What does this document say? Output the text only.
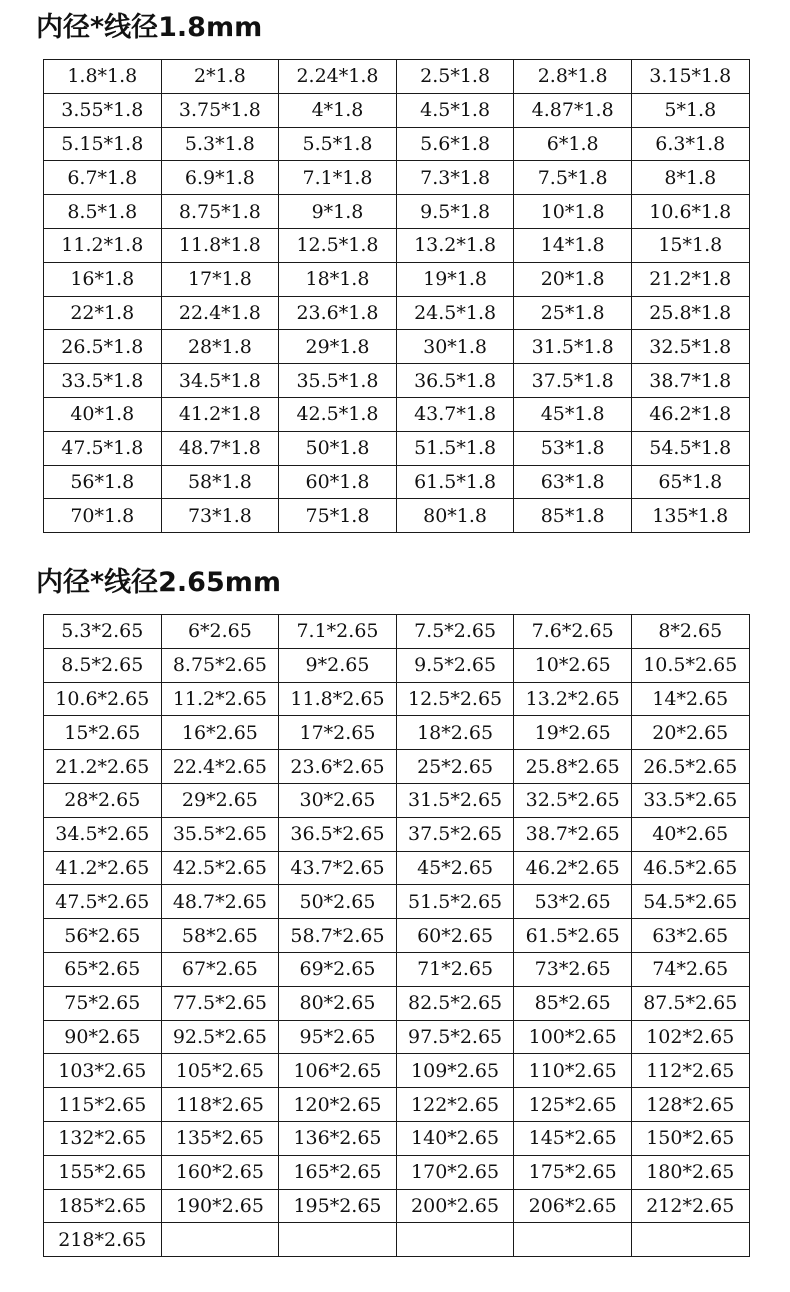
内径*线径1.8mm
1.8*1.8	2*1.8	2.24*1.8	2.5*1.8	2.8*1.8	3.15*1.8
3.55*1.8	3.75*1.8	4*1.8	4.5*1.8	4.87*1.8	5*1.8
5.15*1.8	5.3*1.8	5.5*1.8	5.6*1.8	6*1.8	6.3*1.8
6.7*1.8	6.9*1.8	7.1*1.8	7.3*1.8	7.5*1.8	8*1.8
8.5*1.8	8.75*1.8	9*1.8	9.5*1.8	10*1.8	10.6*1.8
11.2*1.8	11.8*1.8	12.5*1.8	13.2*1.8	14*1.8	15*1.8
16*1.8	17*1.8	18*1.8	19*1.8	20*1.8	21.2*1.8
22*1.8	22.4*1.8	23.6*1.8	24.5*1.8	25*1.8	25.8*1.8
26.5*1.8	28*1.8	29*1.8	30*1.8	31.5*1.8	32.5*1.8
33.5*1.8	34.5*1.8	35.5*1.8	36.5*1.8	37.5*1.8	38.7*1.8
40*1.8	41.2*1.8	42.5*1.8	43.7*1.8	45*1.8	46.2*1.8
47.5*1.8	48.7*1.8	50*1.8	51.5*1.8	53*1.8	54.5*1.8
56*1.8	58*1.8	60*1.8	61.5*1.8	63*1.8	65*1.8
70*1.8	73*1.8	75*1.8	80*1.8	85*1.8	135*1.8
内径*线径2.65mm
5.3*2.65	6*2.65	7.1*2.65	7.5*2.65	7.6*2.65	8*2.65
8.5*2.65	8.75*2.65	9*2.65	9.5*2.65	10*2.65	10.5*2.65
10.6*2.65	11.2*2.65	11.8*2.65	12.5*2.65	13.2*2.65	14*2.65
15*2.65	16*2.65	17*2.65	18*2.65	19*2.65	20*2.65
21.2*2.65	22.4*2.65	23.6*2.65	25*2.65	25.8*2.65	26.5*2.65
28*2.65	29*2.65	30*2.65	31.5*2.65	32.5*2.65	33.5*2.65
34.5*2.65	35.5*2.65	36.5*2.65	37.5*2.65	38.7*2.65	40*2.65
41.2*2.65	42.5*2.65	43.7*2.65	45*2.65	46.2*2.65	46.5*2.65
47.5*2.65	48.7*2.65	50*2.65	51.5*2.65	53*2.65	54.5*2.65
56*2.65	58*2.65	58.7*2.65	60*2.65	61.5*2.65	63*2.65
65*2.65	67*2.65	69*2.65	71*2.65	73*2.65	74*2.65
75*2.65	77.5*2.65	80*2.65	82.5*2.65	85*2.65	87.5*2.65
90*2.65	92.5*2.65	95*2.65	97.5*2.65	100*2.65	102*2.65
103*2.65	105*2.65	106*2.65	109*2.65	110*2.65	112*2.65
115*2.65	118*2.65	120*2.65	122*2.65	125*2.65	128*2.65
132*2.65	135*2.65	136*2.65	140*2.65	145*2.65	150*2.65
155*2.65	160*2.65	165*2.65	170*2.65	175*2.65	180*2.65
185*2.65	190*2.65	195*2.65	200*2.65	206*2.65	212*2.65
218*2.65					
